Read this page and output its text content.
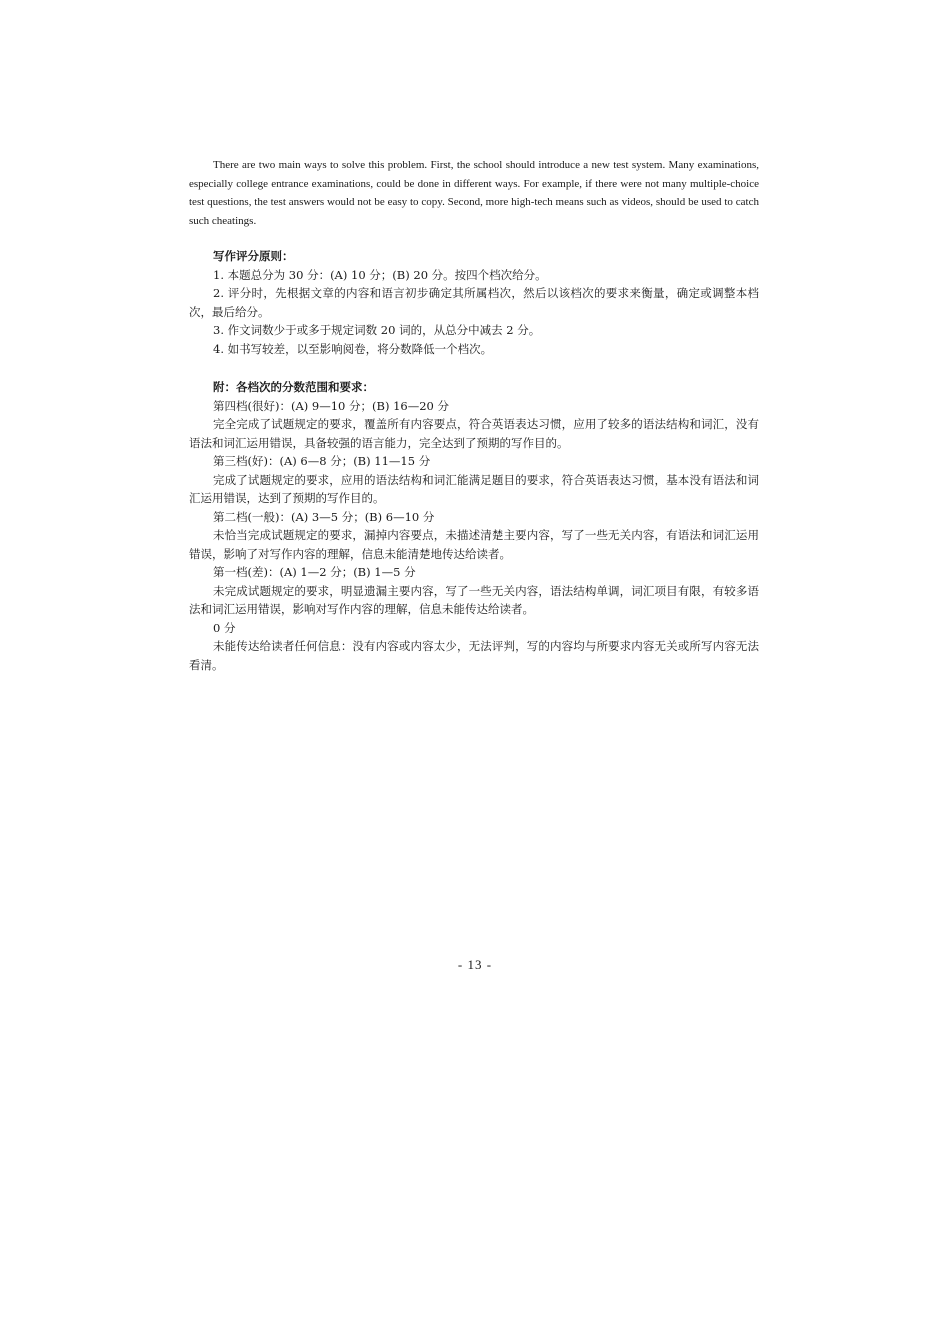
There are two main ways to solve this problem. First, the school should introduce a new test system. Many examinations, especially college entrance examinations, could be done in different ways. For example, if there were not many multiple-choice test questions, the test answers would not be easy to copy. Second, more high-tech means such as videos, should be used to catch such cheatings.

写作评分原则：

1. 本题总分为 30 分：(A) 10 分；(B) 20 分。按四个档次给分。

2. 评分时，先根据文章的内容和语言初步确定其所属档次，然后以该档次的要求来衡量，确定或调整本档次，最后给分。

3. 作文词数少于或多于规定词数 20 词的，从总分中减去 2 分。

4. 如书写较差，以至影响阅卷，将分数降低一个档次。

附：各档次的分数范围和要求：

第四档(很好)：(A) 9—10 分；(B) 16—20 分

完全完成了试题规定的要求，覆盖所有内容要点，符合英语表达习惯，应用了较多的语法结构和词汇，没有语法和词汇运用错误，具备较强的语言能力，完全达到了预期的写作目的。

第三档(好)：(A) 6—8 分；(B) 11—15 分

完成了试题规定的要求，应用的语法结构和词汇能满足题目的要求，符合英语表达习惯，基本没有语法和词汇运用错误，达到了预期的写作目的。

第二档(一般)：(A) 3—5 分；(B) 6—10 分

未恰当完成试题规定的要求，漏掉内容要点，未描述清楚主要内容，写了一些无关内容，有语法和词汇运用错误，影响了对写作内容的理解，信息未能清楚地传达给读者。

第一档(差)：(A) 1—2 分；(B) 1—5 分

未完成试题规定的要求，明显遗漏主要内容，写了一些无关内容，语法结构单调，词汇项目有限，有较多语法和词汇运用错误，影响对写作内容的理解，信息未能传达给读者。

0 分

未能传达给读者任何信息：没有内容或内容太少，无法评判，写的内容均与所要求内容无关或所写内容无法看清。

- 13 -
